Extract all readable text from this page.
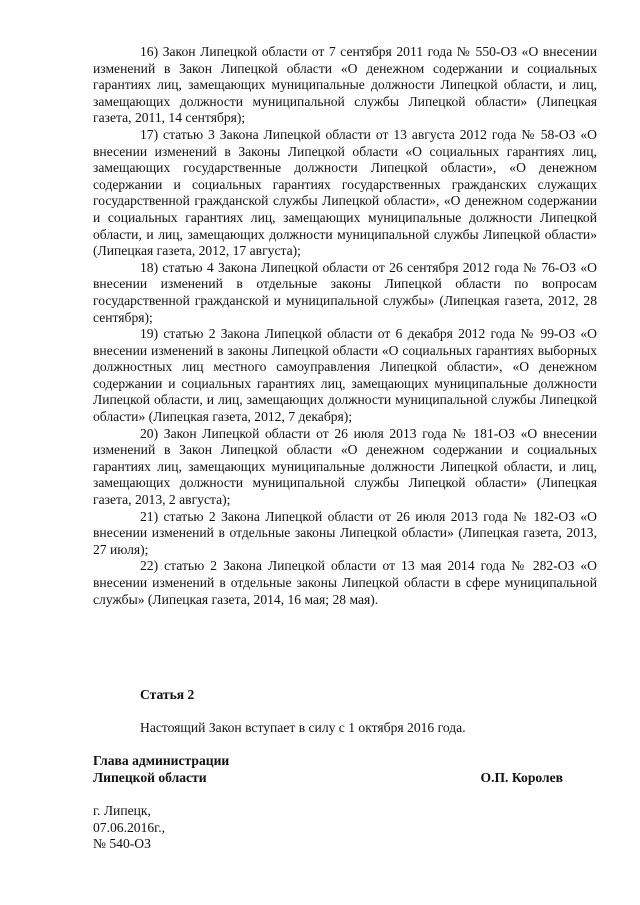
16) Закон Липецкой области от 7 сентября 2011 года № 550-ОЗ «О внесении изменений в Закон Липецкой области «О денежном содержании и социальных гарантиях лиц, замещающих муниципальные должности Липецкой области, и лиц, замещающих должности муниципальной службы Липецкой области» (Липецкая газета, 2011, 14 сентября);

17) статью 3 Закона Липецкой области от 13 августа 2012 года № 58-ОЗ «О внесении изменений в Законы Липецкой области «О социальных гарантиях лиц, замещающих государственные должности Липецкой области», «О денежном содержании и социальных гарантиях государственных гражданских служащих государственной гражданской службы Липецкой области», «О денежном содержании и социальных гарантиях лиц, замещающих муниципальные должности Липецкой области, и лиц, замещающих должности муниципальной службы Липецкой области» (Липецкая газета, 2012, 17 августа);

18) статью 4 Закона Липецкой области от 26 сентября 2012 года № 76-ОЗ «О внесении изменений в отдельные законы Липецкой области по вопросам государственной гражданской и муниципальной службы» (Липецкая газета, 2012, 28 сентября);

19) статью 2 Закона Липецкой области от 6 декабря 2012 года № 99-ОЗ «О внесении изменений в законы Липецкой области «О социальных гарантиях выборных должностных лиц местного самоуправления Липецкой области», «О денежном содержании и социальных гарантиях лиц, замещающих муниципальные должности Липецкой области, и лиц, замещающих должности муниципальной службы Липецкой области» (Липецкая газета, 2012, 7 декабря);

20) Закон Липецкой области от 26 июля 2013 года № 181-ОЗ «О внесении изменений в Закон Липецкой области «О денежном содержании и социальных гарантиях лиц, замещающих муниципальные должности Липецкой области, и лиц, замещающих должности муниципальной службы Липецкой области» (Липецкая газета, 2013, 2 августа);

21) статью 2 Закона Липецкой области от 26 июля 2013 года № 182-ОЗ «О внесении изменений в отдельные законы Липецкой области» (Липецкая газета, 2013, 27 июля);

22) статью 2 Закона Липецкой области от 13 мая 2014 года № 282-ОЗ «О внесении изменений в отдельные законы Липецкой области в сфере муниципальной службы» (Липецкая газета, 2014, 16 мая; 28 мая).

Статья 2

Настоящий Закон вступает в силу с 1 октября 2016 года.

Глава администрации

Липецкой области	О.П. Королев

г. Липецк,

07.06.2016г.,

№ 540-ОЗ
